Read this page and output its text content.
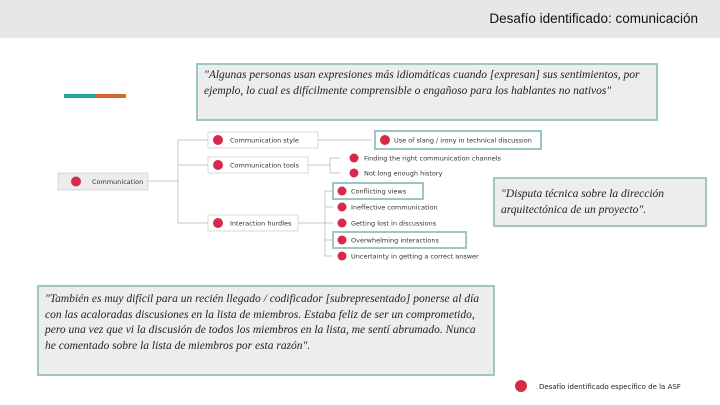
Desafío identificado: comunicación
Communication
Communication style
Communication tools
Interaction hurdles
Use of slang / irony in technical discussion
Finding the right communication channels
Not long enough history
Conflicting views
Ineffective communication
Getting lost in discussions
Overwhelming interactions
Uncertainty in getting a correct answer
"Algunas personas usan expresiones más idiomáticas cuando [expresan] sus sentimientos, por ejemplo, lo cual es difícilmente comprensible o engañoso para los hablantes no nativos"
"Disputa técnica sobre la dirección arquitectónica de un proyecto".
"También es muy difícil para un recién llegado / codificador [subrepresentado] ponerse al día con las acaloradas discusiones en la lista de miembros. Estaba feliz de ser un comprometido, pero una vez que vi la discusión de todos los miembros en la lista, me sentí abrumado. Nunca he comentado sobre la lista de miembros por esta razón".
Desafío identificado específico de la ASF
